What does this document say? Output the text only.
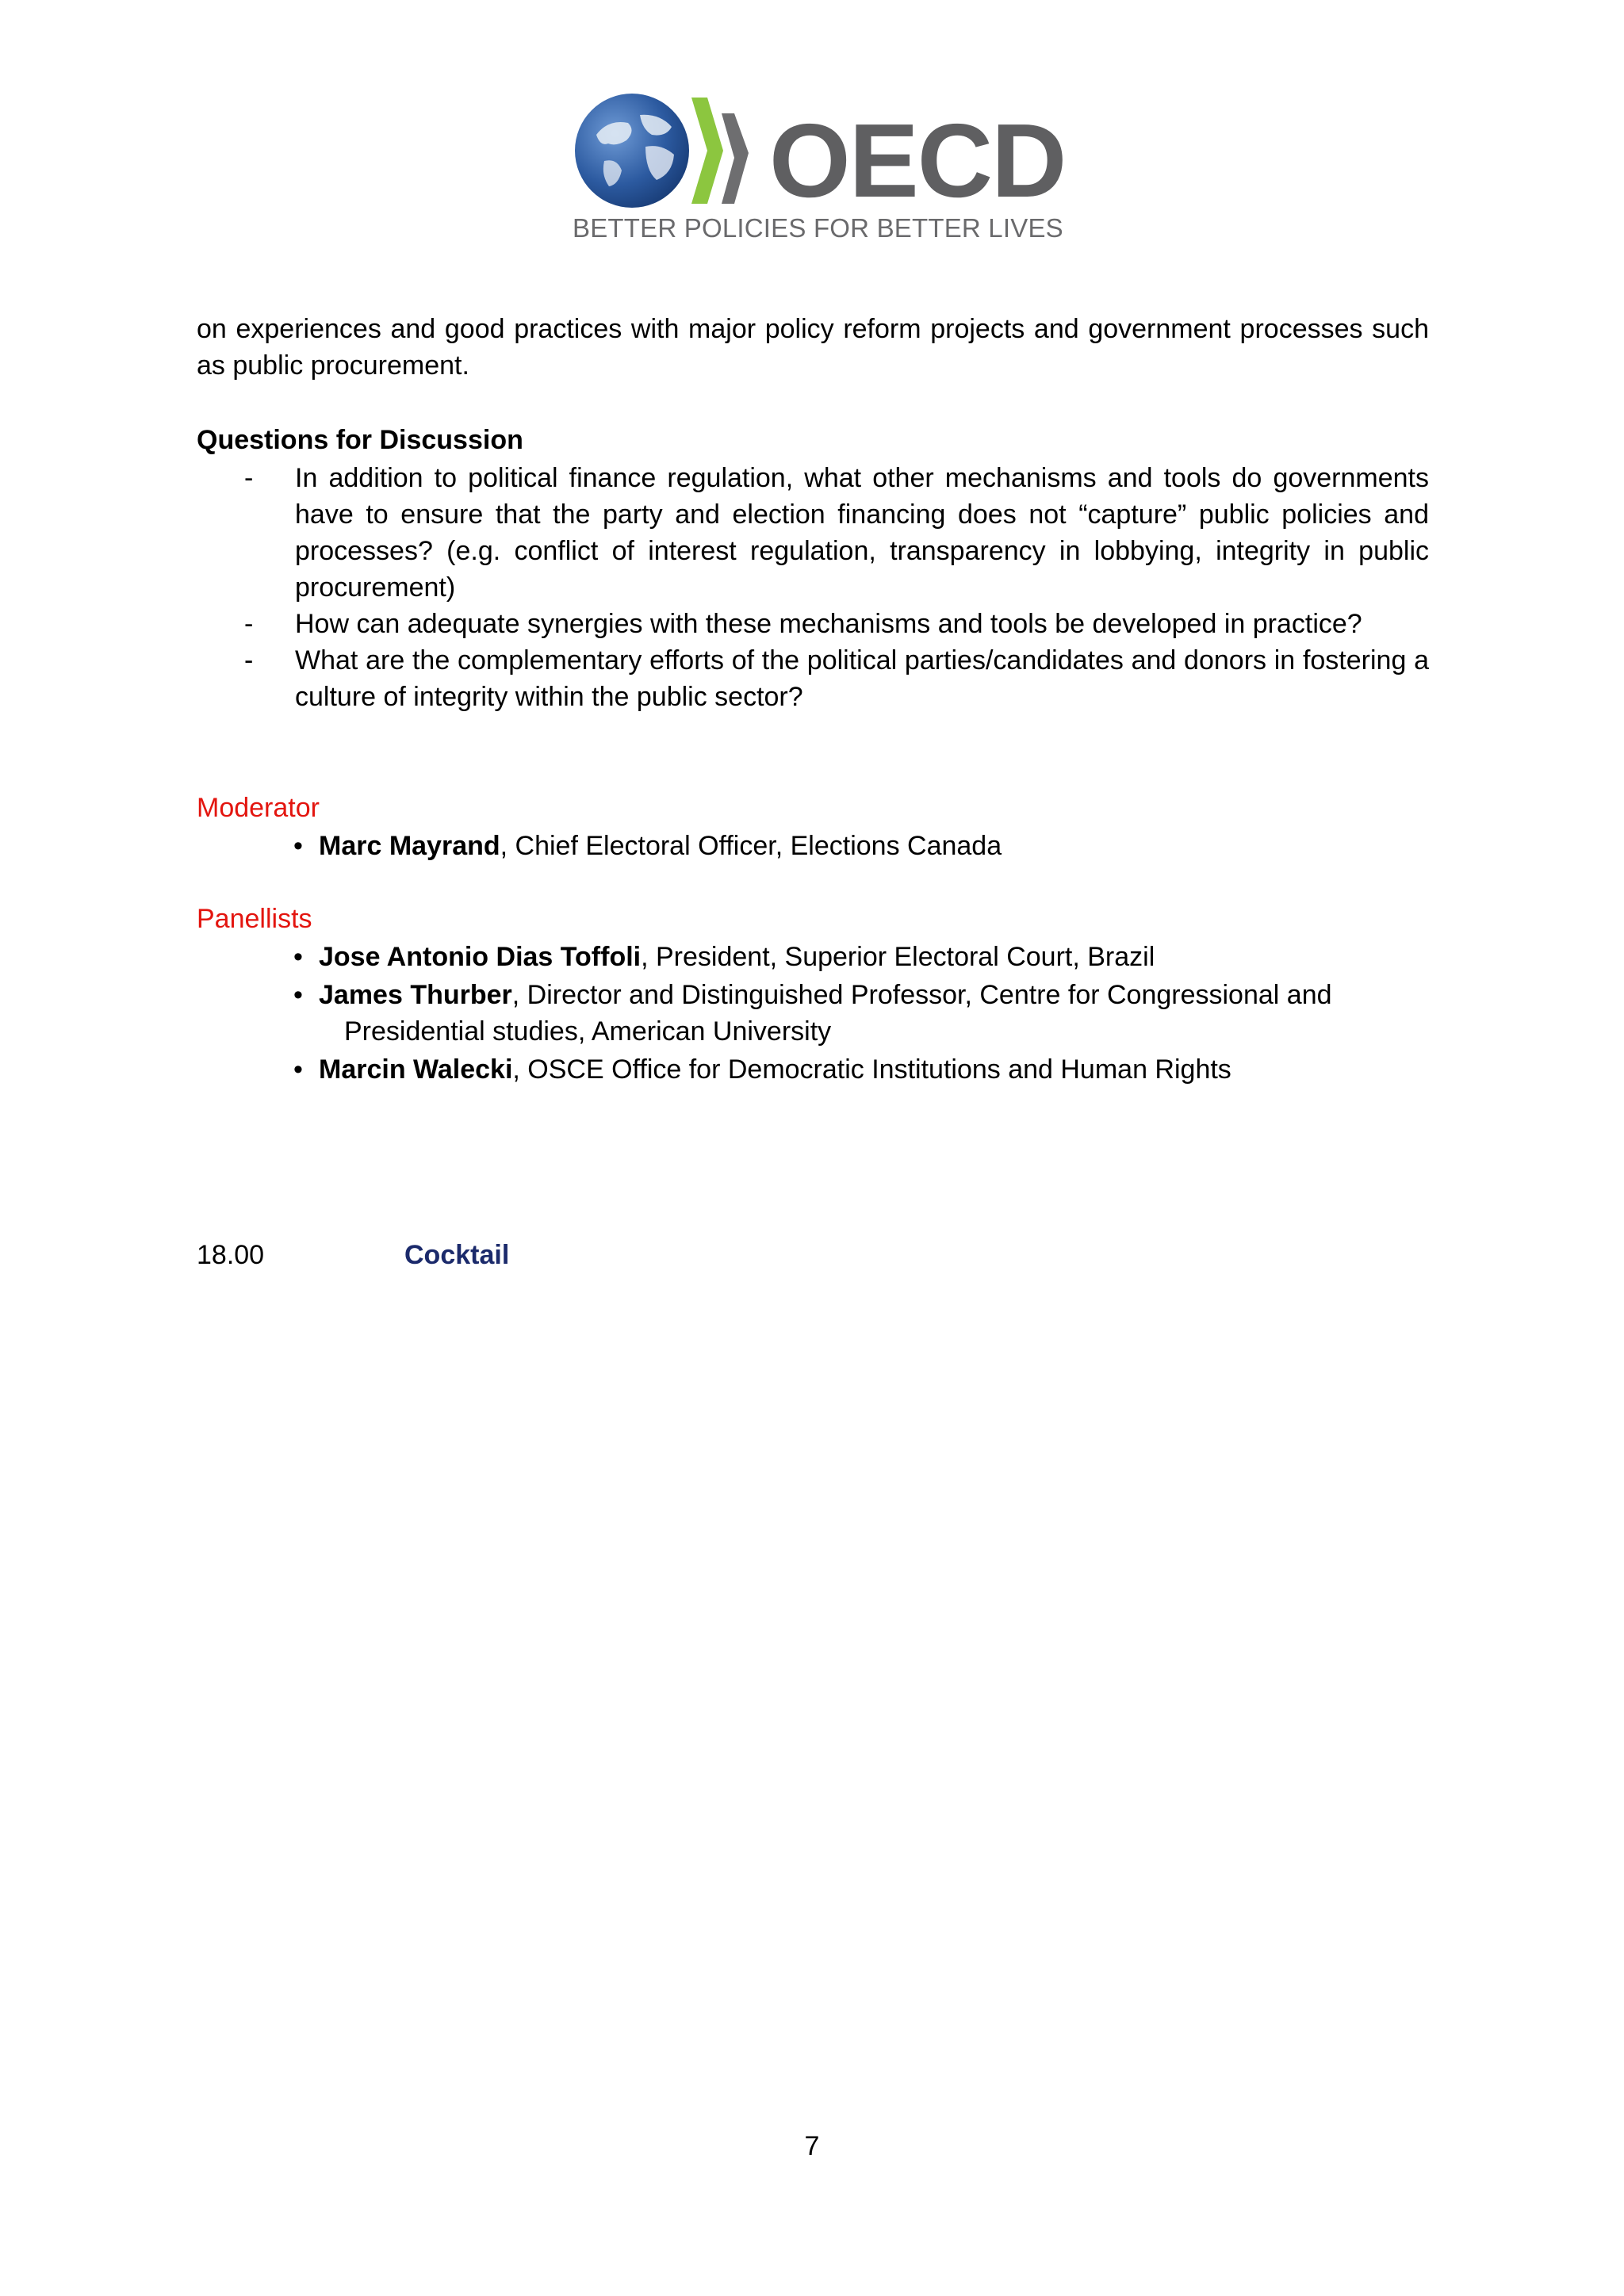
OECD
BETTER POLICIES FOR BETTER LIVES
on experiences and good practices with major policy reform projects and government processes such as public procurement.
Questions for Discussion
- In addition to political finance regulation, what other mechanisms and tools do governments have to ensure that the party and election financing does not “capture” public policies and processes? (e.g. conflict of interest regulation, transparency in lobbying, integrity in public procurement)
- How can adequate synergies with these mechanisms and tools be developed in practice?
- What are the complementary efforts of the political parties/candidates and donors in fostering a culture of integrity within the public sector?
Moderator
• Marc Mayrand, Chief Electoral Officer, Elections Canada
Panellists
• Jose Antonio Dias Toffoli, President, Superior Electoral Court, Brazil
• James Thurber, Director and Distinguished Professor, Centre for Congressional and
Presidential studies, American University
• Marcin Walecki, OSCE Office for Democratic Institutions and Human Rights
18.00	Cocktail
7
